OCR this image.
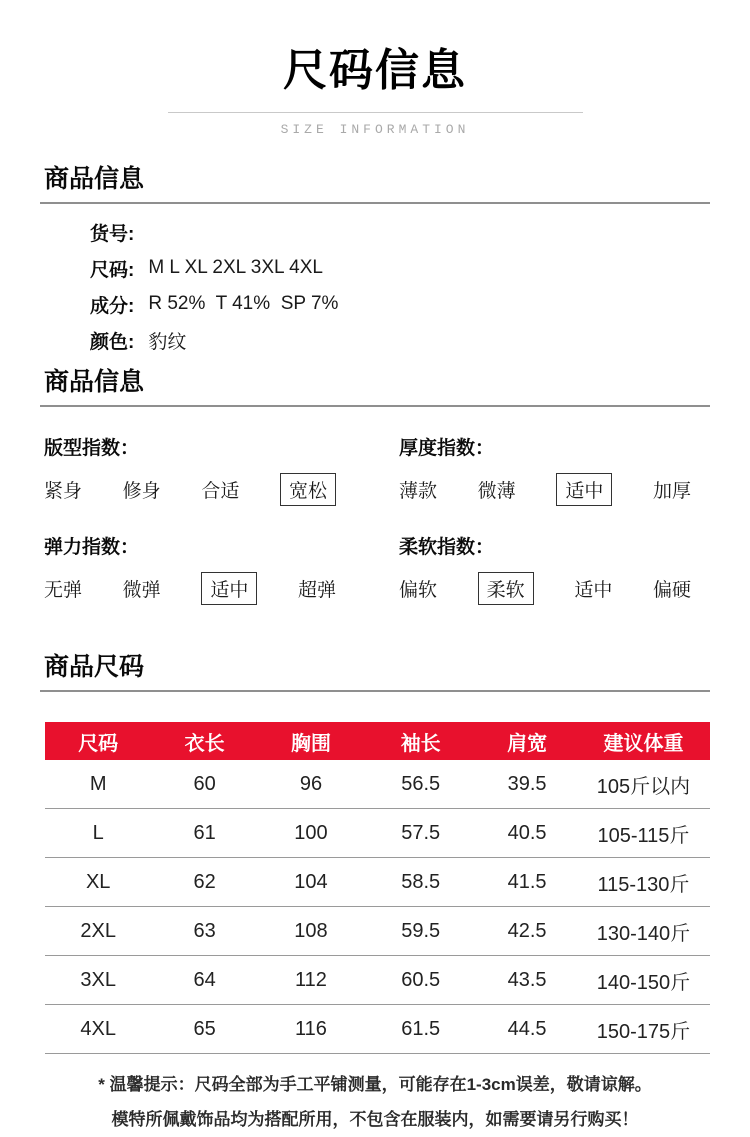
尺码信息
SIZE INFORMATION
商品信息
货号:
尺码: M L XL 2XL 3XL 4XL
成分: R 52%  T 41%  SP 7%
颜色: 豹纹
商品信息
版型指数：
紧身 修身 合适	宽松
厚度指数：
薄款 微薄	适中	加厚
弹力指数：
无弹 微弹	适中	超弹
柔软指数：
偏软	柔软	适中 偏硬
商品尺码
尺码	衣长	胸围	袖长	肩宽	建议体重
M	60	96	56.5	39.5	105斤以内
L	61	100	57.5	40.5	105-115斤
XL	62	104	58.5	41.5	115-130斤
2XL	63	108	59.5	42.5	130-140斤
3XL	64	112	60.5	43.5	140-150斤
4XL	65	116	61.5	44.5	150-175斤
* 温馨提示：尺码全部为手工平铺测量，可能存在1-3cm误差，敬请谅解。
模特所佩戴饰品均为搭配所用，不包含在服装内，如需要请另行购买！
